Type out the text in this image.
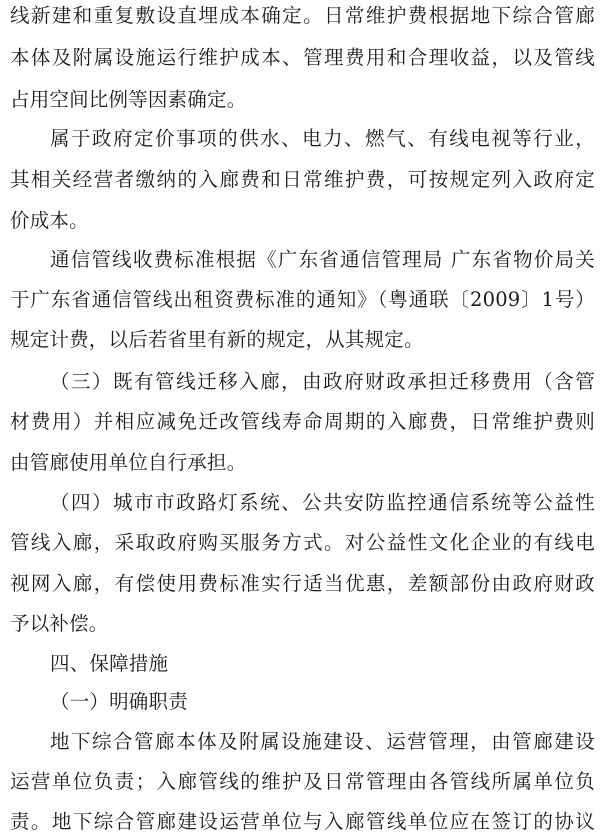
线新建和重复敷设直埋成本确定。日常维护费根据地下综合管廊
本体及附属设施运行维护成本、管理费用和合理收益，以及管线
占用空间比例等因素确定。
属于政府定价事项的供水、电力、燃气、有线电视等行业，
其相关经营者缴纳的入廊费和日常维护费，可按规定列入政府定
价成本。
通信管线收费标准根据《广东省通信管理局 广东省物价局关
于广东省通信管线出租资费标准的通知》（粤通联〔2009〕1号）
规定计费，以后若省里有新的规定，从其规定。
（三）既有管线迁移入廊，由政府财政承担迁移费用（含管
材费用）并相应减免迁改管线寿命周期的入廊费，日常维护费则
由管廊使用单位自行承担。
（四）城市市政路灯系统、公共安防监控通信系统等公益性
管线入廊，采取政府购买服务方式。对公益性文化企业的有线电
视网入廊，有偿使用费标准实行适当优惠，差额部份由政府财政
予以补偿。
四、保障措施
（一）明确职责
地下综合管廊本体及附属设施建设、运营管理，由管廊建设
运营单位负责；入廊管线的维护及日常管理由各管线所属单位负
责。地下综合管廊建设运营单位与入廊管线单位应在签订的协议
